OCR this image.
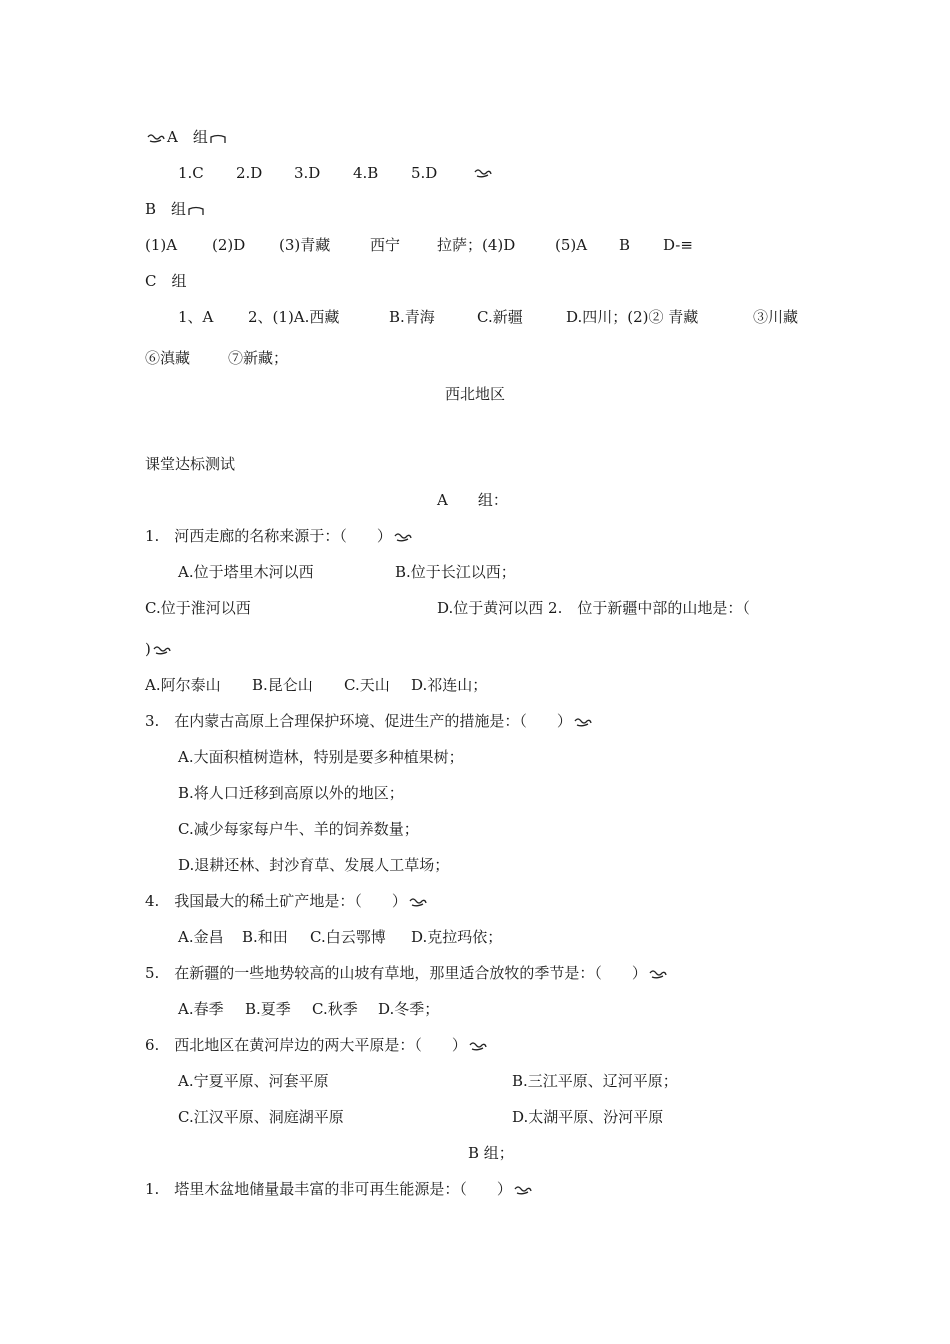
A　组
1.C 2.D 3.D 4.B 5.D
B　组
(1)A (2)D (3)青藏	西宁 拉萨；(4)D	(5)A B D-≡
C　组
1、A 2、(1)A.西藏	B.青海	C.新疆	D.四川；(2)② 青藏	③川藏
⑥滇藏	⑦新藏；
西北地区
课堂达标测试
A　　组：
1.　河西走廊的名称来源于：（　　）
A.位于塔里木河以西	B.位于长江以西；
C.位于淮河以西	D.位于黄河以西 2.　位于新疆中部的山地是：（
)
A.阿尔泰山 B.昆仑山 C.天山 D.祁连山；
3.　在内蒙古高原上合理保护环境、促进生产的措施是：（　　）
A.大面积植树造林，特别是要多种植果树；
B.将人口迁移到高原以外的地区；
C.减少每家每户牛、羊的饲养数量；
D.退耕还林、封沙育草、发展人工草场；
4.　我国最大的稀土矿产地是：（　　）
A.金昌 B.和田 C.白云鄂博 D.克拉玛依；
5.　在新疆的一些地势较高的山坡有草地，那里适合放牧的季节是：（　　）
A.春季 B.夏季 C.秋季 D.冬季；
6.　西北地区在黄河岸边的两大平原是：（　　）
A.宁夏平原、河套平原	B.三江平原、辽河平原；
C.江汉平原、洞庭湖平原	D.太湖平原、汾河平原
B 组；
1.　塔里木盆地储量最丰富的非可再生能源是：（　　）
